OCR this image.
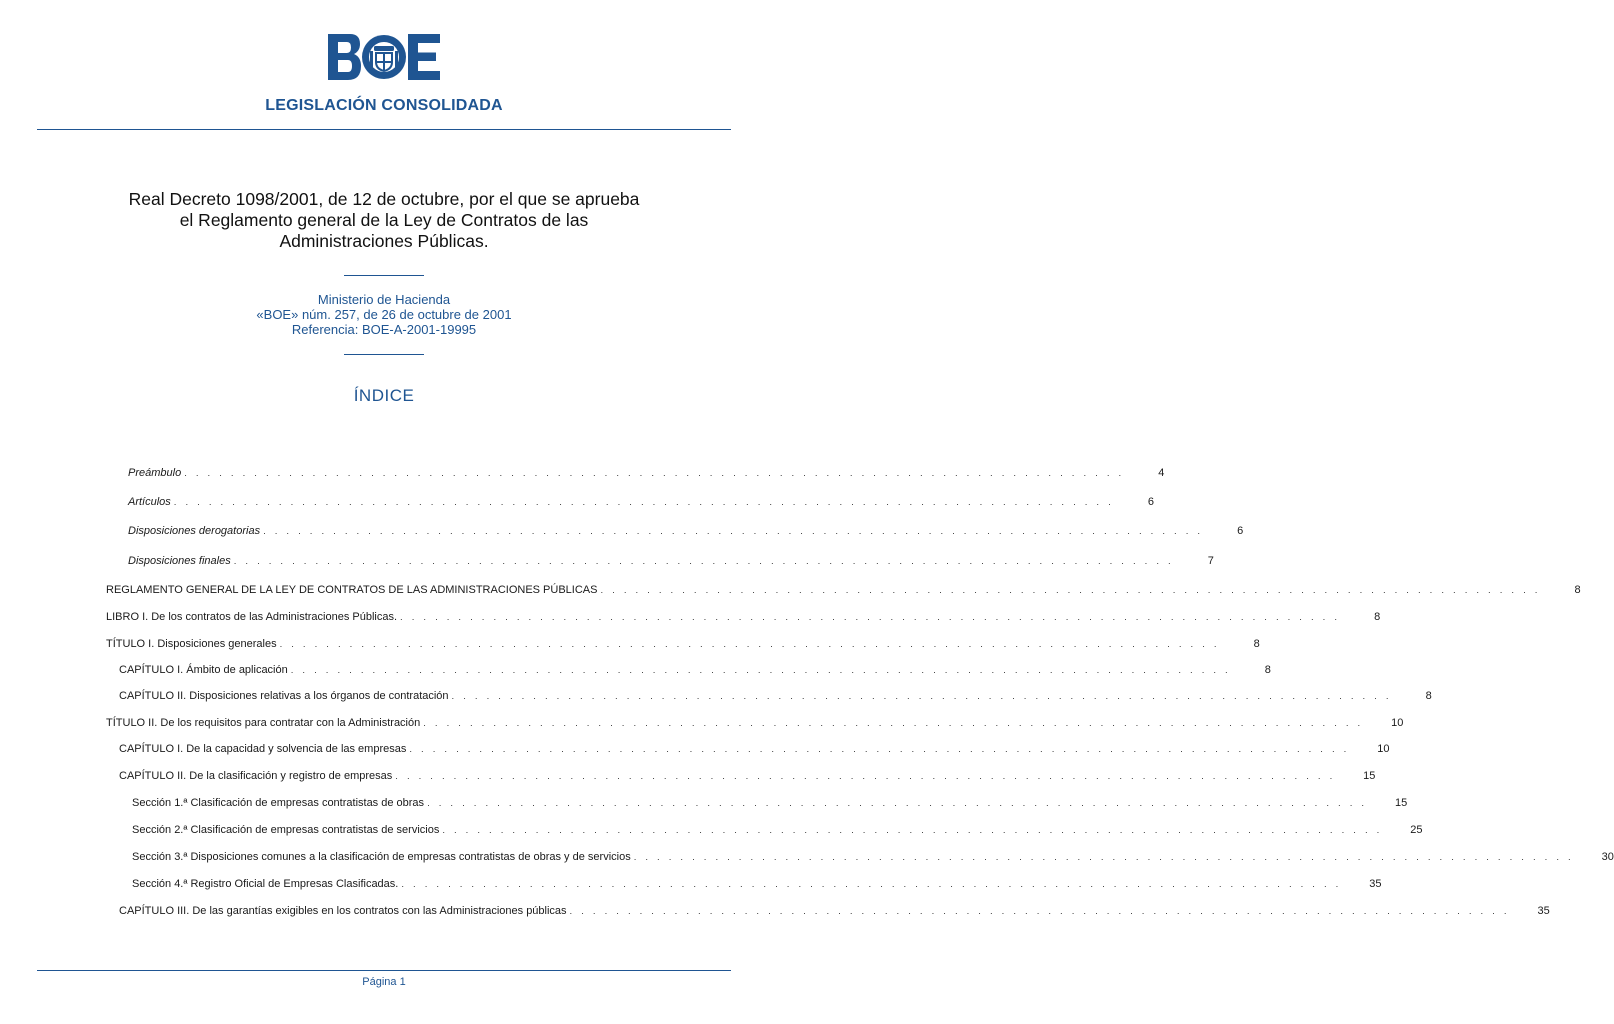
LEGISLACIÓN CONSOLIDADA
Real Decreto 1098/2001, de 12 de octubre, por el que se aprueba el Reglamento general de la Ley de Contratos de las Administraciones Públicas.
Ministerio de Hacienda
«BOE» núm. 257, de 26 de octubre de 2001
Referencia: BOE-A-2001-19995
ÍNDICE
Preámbulo . . . . . . . . . . . . . . . . . . . . . . . . . . . . . . . . . . . . . . . . . . . . . . . . . . . . . . . . . . . . . . . . . . . . . . . . . . . . . . . . .	4
Artículos . . . . . . . . . . . . . . . . . . . . . . . . . . . . . . . . . . . . . . . . . . . . . . . . . . . . . . . . . . . . . . . . . . . . . . . . . . . . . . . . .	6
Disposiciones derogatorias . . . . . . . . . . . . . . . . . . . . . . . . . . . . . . . . . . . . . . . . . . . . . . . . . . . . . . . . . . . . . . . . . . . . . . . . . . . . . . . . .	6
Disposiciones finales . . . . . . . . . . . . . . . . . . . . . . . . . . . . . . . . . . . . . . . . . . . . . . . . . . . . . . . . . . . . . . . . . . . . . . . . . . . . . . . . .	7
REGLAMENTO GENERAL DE LA LEY DE CONTRATOS DE LAS ADMINISTRACIONES PÚBLICAS . . . . . . . . . . . . . . . . . . . . . . . . . . . . . . . . . . . . . . . . . . . . . . . . . . . . . . . . . . . . . . . . . . . . . . . . . . . . . . . . .	8
LIBRO I. De los contratos de las Administraciones Públicas. . . . . . . . . . . . . . . . . . . . . . . . . . . . . . . . . . . . . . . . . . . . . . . . . . . . . . . . . . . . . . . . . . . . . . . . . . . . . . . . . .	8
TÍTULO I. Disposiciones generales . . . . . . . . . . . . . . . . . . . . . . . . . . . . . . . . . . . . . . . . . . . . . . . . . . . . . . . . . . . . . . . . . . . . . . . . . . . . . . . . .	8
CAPÍTULO I. Ámbito de aplicación . . . . . . . . . . . . . . . . . . . . . . . . . . . . . . . . . . . . . . . . . . . . . . . . . . . . . . . . . . . . . . . . . . . . . . . . . . . . . . . . .	8
CAPÍTULO II. Disposiciones relativas a los órganos de contratación . . . . . . . . . . . . . . . . . . . . . . . . . . . . . . . . . . . . . . . . . . . . . . . . . . . . . . . . . . . . . . . . . . . . . . . . . . . . . . . . .	8
TÍTULO II. De los requisitos para contratar con la Administración . . . . . . . . . . . . . . . . . . . . . . . . . . . . . . . . . . . . . . . . . . . . . . . . . . . . . . . . . . . . . . . . . . . . . . . . . . . . . . . . .	10
CAPÍTULO I. De la capacidad y solvencia de las empresas . . . . . . . . . . . . . . . . . . . . . . . . . . . . . . . . . . . . . . . . . . . . . . . . . . . . . . . . . . . . . . . . . . . . . . . . . . . . . . . . .	10
CAPÍTULO II. De la clasificación y registro de empresas . . . . . . . . . . . . . . . . . . . . . . . . . . . . . . . . . . . . . . . . . . . . . . . . . . . . . . . . . . . . . . . . . . . . . . . . . . . . . . . . .	15
Sección 1.ª Clasificación de empresas contratistas de obras . . . . . . . . . . . . . . . . . . . . . . . . . . . . . . . . . . . . . . . . . . . . . . . . . . . . . . . . . . . . . . . . . . . . . . . . . . . . . . . . .	15
Sección 2.ª Clasificación de empresas contratistas de servicios . . . . . . . . . . . . . . . . . . . . . . . . . . . . . . . . . . . . . . . . . . . . . . . . . . . . . . . . . . . . . . . . . . . . . . . . . . . . . . . . .	25
Sección 3.ª Disposiciones comunes a la clasificación de empresas contratistas de obras y de servicios . . . . . . . . . . . . . . . . . . . . . . . . . . . . . . . . . . . . . . . . . . . . . . . . . . . . . . . . . . . . . . . . . . . . . . . . . . . . . . . . .	30
Sección 4.ª Registro Oficial de Empresas Clasificadas. . . . . . . . . . . . . . . . . . . . . . . . . . . . . . . . . . . . . . . . . . . . . . . . . . . . . . . . . . . . . . . . . . . . . . . . . . . . . . . . . .	35
CAPÍTULO III. De las garantías exigibles en los contratos con las Administraciones públicas . . . . . . . . . . . . . . . . . . . . . . . . . . . . . . . . . . . . . . . . . . . . . . . . . . . . . . . . . . . . . . . . . . . . . . . . . . . . . . . . .	35
Página 1
